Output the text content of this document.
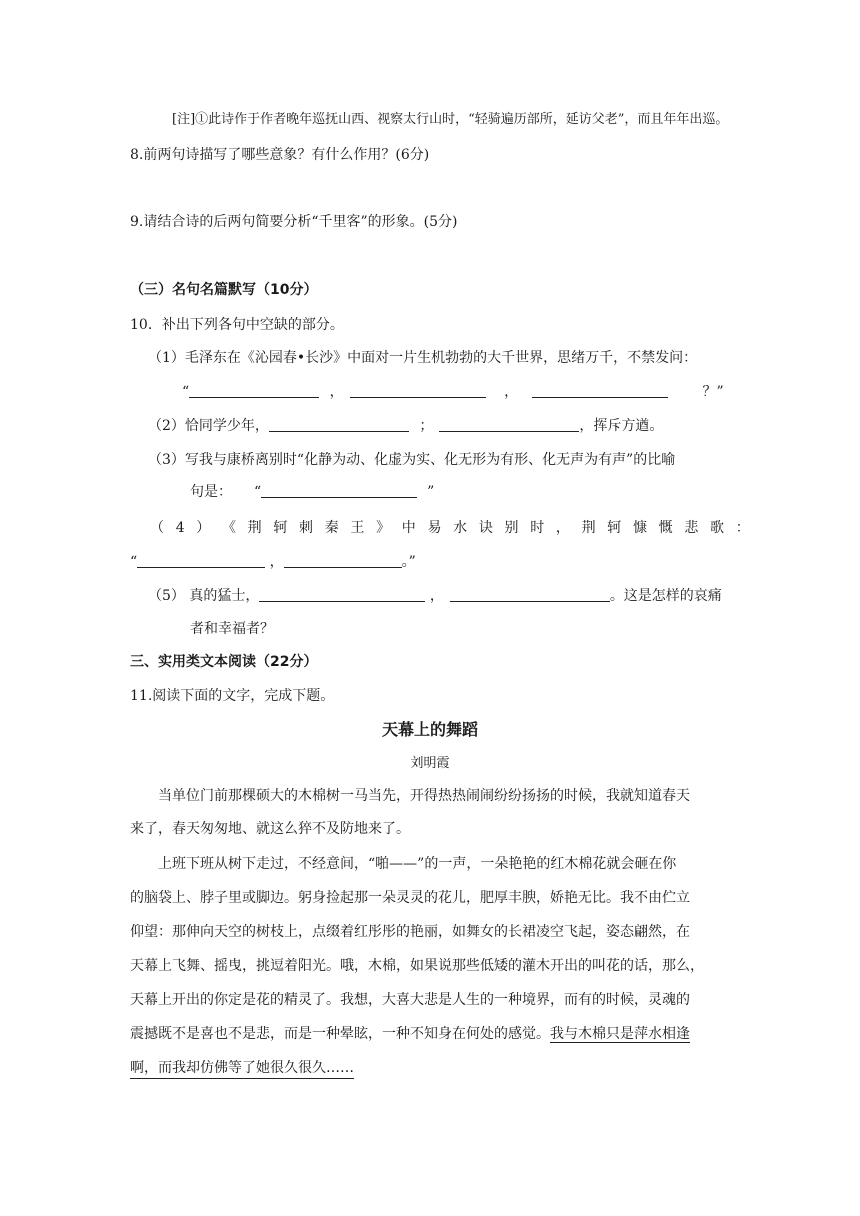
[注]①此诗作于作者晚年巡抚山西、视察太行山时，“轻骑遍历部所，延访父老”，而且年年出巡。
8.前两句诗描写了哪些意象？有什么作用？(6分)
9.请结合诗的后两句简要分析“千里客”的形象。(5分)
（三）名句名篇默写（10分）
10．补出下列各句中空缺的部分。
（1）毛泽东在《沁园春•长沙》中面对一片生机勃勃的大千世界，思绪万千，不禁发问：
“	，	，	？”
（2）恰同学少年，	；	，挥斥方遒。
（3）写我与康桥离别时“化静为动、化虚为实、化无形为有形、化无声为有声”的比喻
句是： “	”
（ 4 ） 《 荆 轲 刺 秦 王 》 中 易 水 诀 别 时 ， 荆 轲 慷 慨 悲 歌 ：
“	，	。”
（5） 真的猛士，	，	。这是怎样的哀痛
者和幸福者？
三、实用类文本阅读（22分）
11.阅读下面的文字，完成下题。
天幕上的舞蹈
刘明霞
当单位门前那棵硕大的木棉树一马当先，开得热热闹闹纷纷扬扬的时候，我就知道春天
来了，春天匆匆地、就这么猝不及防地来了。
上班下班从树下走过，不经意间，“啪——”的一声，一朵艳艳的红木棉花就会砸在你
的脑袋上、脖子里或脚边。躬身捡起那一朵灵灵的花儿，肥厚丰腴，娇艳无比。我不由伫立
仰望：那伸向天空的树枝上，点缀着红彤彤的艳丽，如舞女的长裙凌空飞起，姿态翩然，在
天幕上飞舞、摇曳，挑逗着阳光。哦，木棉，如果说那些低矮的灌木开出的叫花的话，那么，
天幕上开出的你定是花的精灵了。我想，大喜大悲是人生的一种境界，而有的时候，灵魂的
震撼既不是喜也不是悲，而是一种晕眩，一种不知身在何处的感觉。我与木棉只是萍水相逢
啊，而我却仿佛等了她很久很久……
